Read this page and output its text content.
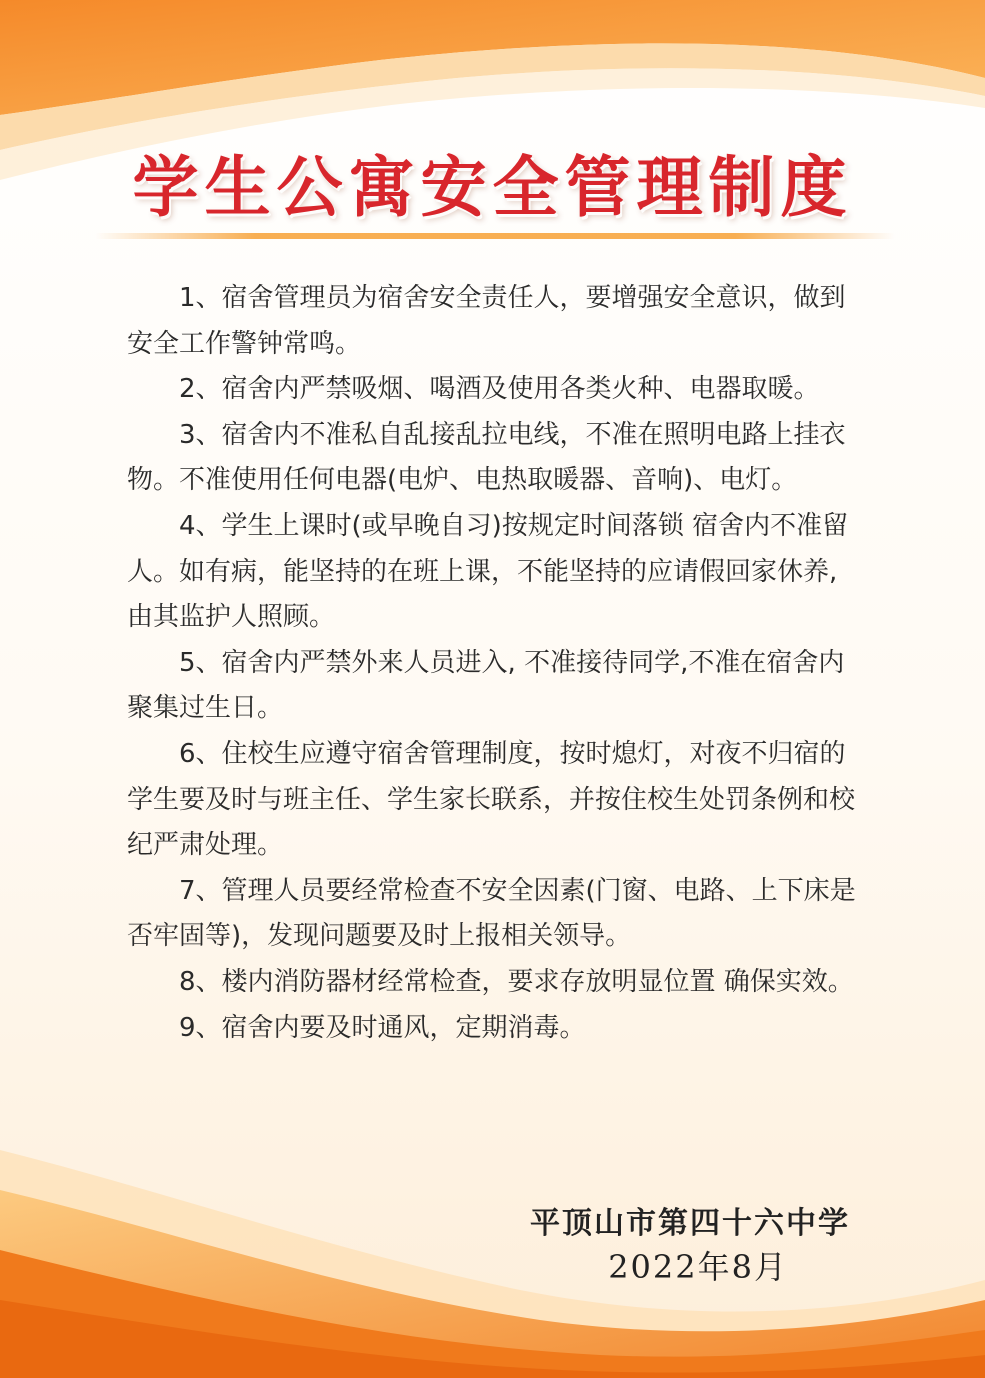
学生公寓安全管理制度

1、宿舍管理员为宿舍安全责任人，要增强安全意识，做到安全工作警钟常鸣。

2、宿舍内严禁吸烟、喝酒及使用各类火种、电器取暖。

3、宿舍内不准私自乱接乱拉电线，不准在照明电路上挂衣物。不准使用任何电器(电炉、电热取暖器、音响)、电灯。

4、学生上课时(或早晚自习)按规定时间落锁 宿舍内不准留人。如有病，能坚持的在班上课，不能坚持的应请假回家休养,由其监护人照顾。

5、宿舍内严禁外来人员进入, 不准接待同学,不准在宿舍内聚集过生日。

6、住校生应遵守宿舍管理制度，按时熄灯，对夜不归宿的学生要及时与班主任、学生家长联系，并按住校生处罚条例和校纪严肃处理。

7、管理人员要经常检查不安全因素(门窗、电路、上下床是否牢固等)，发现问题要及时上报相关领导。

8、楼内消防器材经常检查，要求存放明显位置 确保实效。

9、宿舍内要及时通风，定期消毒。

平顶山市第四十六中学
2022年8月
